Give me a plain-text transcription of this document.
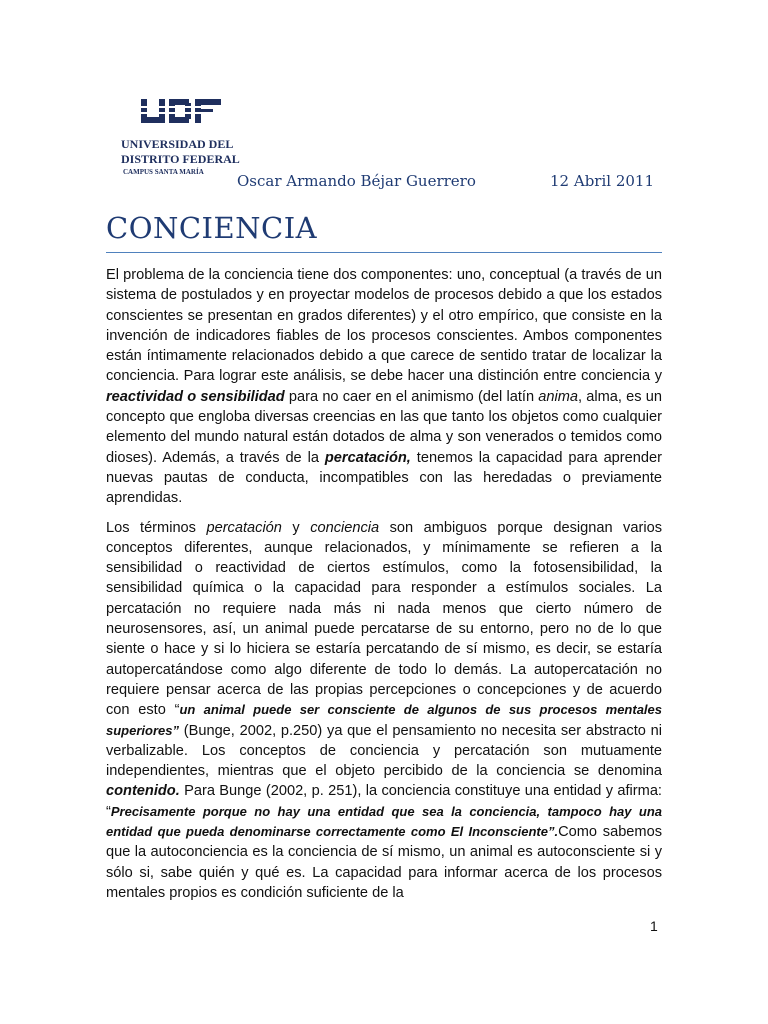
UNIVERSIDAD DEL
DISTRITO FEDERAL
CAMPUS SANTA MARÍA Oscar Armando Béjar Guerrero	12 Abril 2011
CONCIENCIA

El problema de la conciencia tiene dos componentes: uno, conceptual (a través de un sistema de postulados y en proyectar modelos de procesos debido a que los estados conscientes se presentan en grados diferentes) y el otro empírico, que consiste en la invención de indicadores fiables de los procesos conscientes. Ambos componentes están íntimamente relacionados debido a que carece de sentido tratar de localizar la conciencia. Para lograr este análisis, se debe hacer una distinción entre conciencia y reactividad o sensibilidad para no caer en el animismo (del latín anima, alma, es un concepto que engloba diversas creencias en las que tanto los objetos como cualquier elemento del mundo natural están dotados de alma y son venerados o temidos como dioses). Además, a través de la percatación, tenemos la capacidad para aprender nuevas pautas de conducta, incompatibles con las heredadas o previamente aprendidas.

Los términos percatación y conciencia son ambiguos porque designan varios conceptos diferentes, aunque relacionados, y mínimamente se refieren a la sensibilidad o reactividad de ciertos estímulos, como la fotosensibilidad, la sensibilidad química o la capacidad para responder a estímulos sociales. La percatación no requiere nada más ni nada menos que cierto número de neurosensores, así, un animal puede percatarse de su entorno, pero no de lo que siente o hace y si lo hiciera se estaría percatando de sí mismo, es decir, se estaría autopercatándose como algo diferente de todo lo demás. La autopercatación no requiere pensar acerca de las propias percepciones o concepciones y de acuerdo con esto “un animal puede ser consciente de algunos de sus procesos mentales superiores” (Bunge, 2002, p.250) ya que el pensamiento no necesita ser abstracto ni verbalizable. Los conceptos de conciencia y percatación son mutuamente independientes, mientras que el objeto percibido de la conciencia se denomina contenido. Para Bunge (2002, p. 251), la conciencia constituye una entidad y afirma: “Precisamente porque no hay una entidad que sea la conciencia, tampoco hay una entidad que pueda denominarse correctamente como El Inconsciente”.Como sabemos que la autoconciencia es la conciencia de sí mismo, un animal es autoconsciente si y sólo si, sabe quién y qué es. La capacidad para informar acerca de los procesos mentales propios es condición suficiente de la

1
